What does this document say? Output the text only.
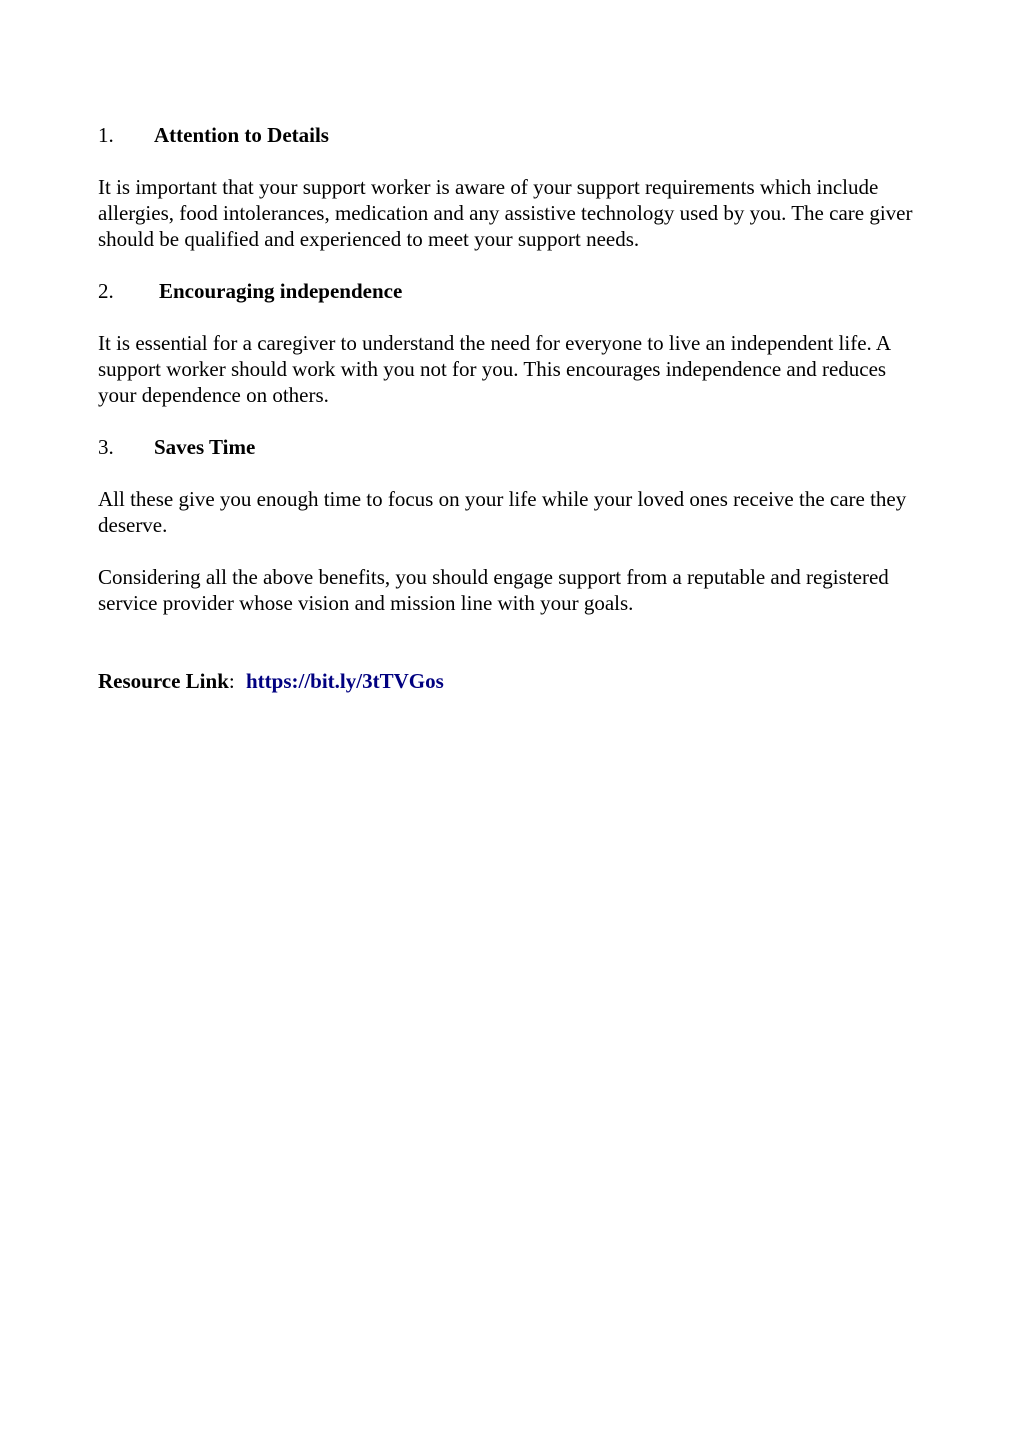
1.	Attention to Details

It is important that your support worker is aware of your support requirements which include allergies, food intolerances, medication and any assistive technology used by you. The care giver should be qualified and experienced to meet your support needs.

2.	Encouraging independence

It is essential for a caregiver to understand the need for everyone to live an independent life. A support worker should work with you not for you. This encourages independence and reduces your dependence on others.

3.	Saves Time

All these give you enough time to focus on your life while your loved ones receive the care they deserve.

Considering all the above benefits, you should engage support from a reputable and registered service provider whose vision and mission line with your goals.

Resource Link: https://bit.ly/3tTVGos
